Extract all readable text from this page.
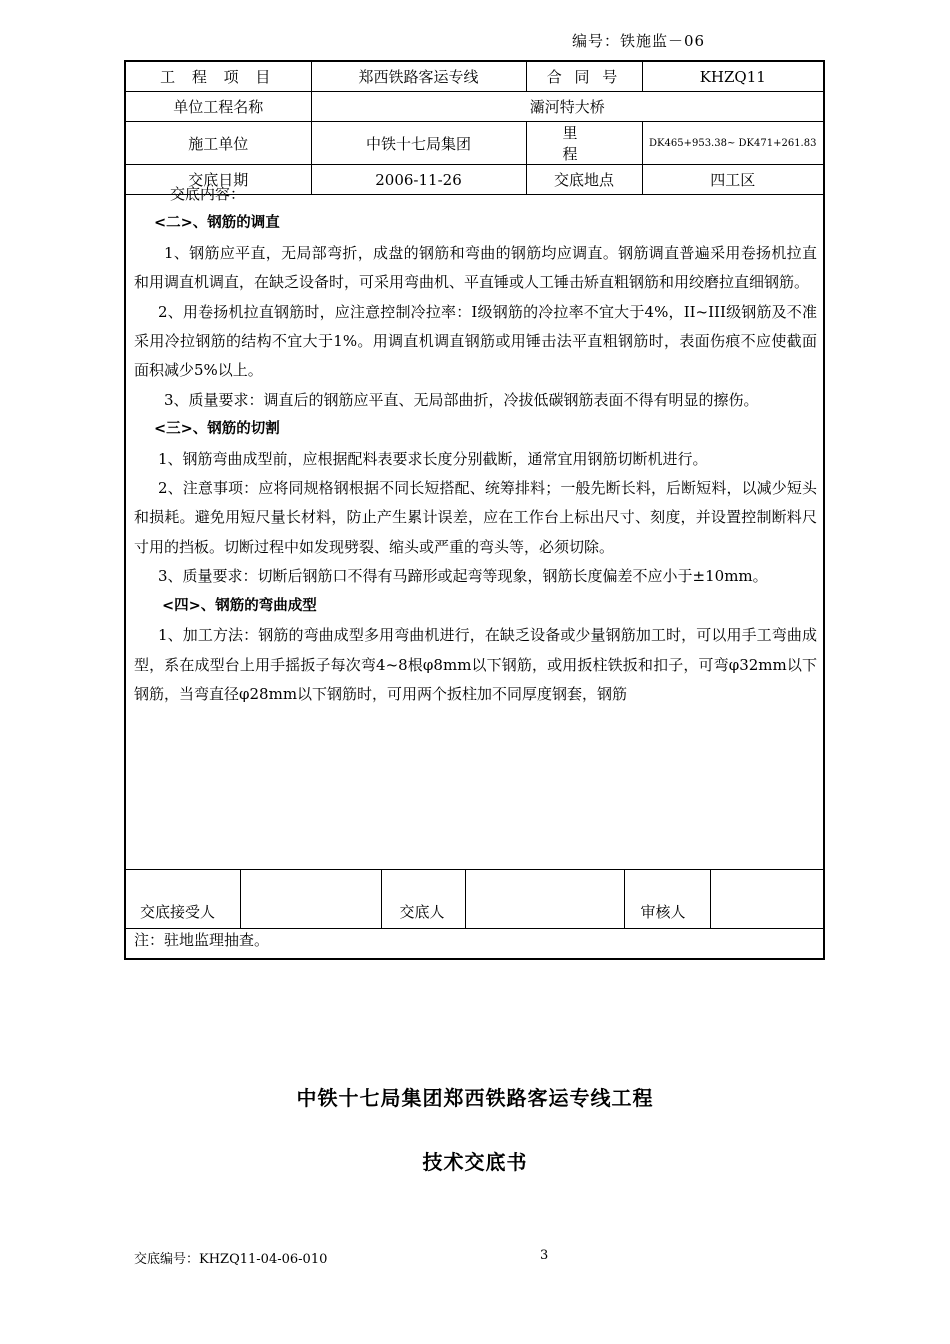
编号：铁施监－06
工 程 项 目	郑西铁路客运专线	合 同 号	KHZQ11
单位工程名称	灞河特大桥		
施工单位	中铁十七局集团	里 程	DK465+953.38~ DK471+261.83
交底日期	2006-11-26	交底地点	四工区

交底内容：

<二>、钢筋的调直

1、钢筋应平直，无局部弯折，成盘的钢筋和弯曲的钢筋均应调直。钢筋调直普遍采用卷扬机拉直和用调直机调直，在缺乏设备时，可采用弯曲机、平直锤或人工锤击矫直粗钢筋和用绞磨拉直细钢筋。

2、用卷扬机拉直钢筋时，应注意控制冷拉率：I级钢筋的冷拉率不宜大于4%，II~III级钢筋及不准采用冷拉钢筋的结构不宜大于1%。用调直机调直钢筋或用锤击法平直粗钢筋时，表面伤痕不应使截面面积减少5%以上。

3、质量要求：调直后的钢筋应平直、无局部曲折，冷拔低碳钢筋表面不得有明显的擦伤。

<三>、钢筋的切割

1、钢筋弯曲成型前，应根据配料表要求长度分别截断，通常宜用钢筋切断机进行。

2、注意事项：应将同规格钢根据不同长短搭配、统筹排料；一般先断长料，后断短料，以减少短头和损耗。避免用短尺量长材料，防止产生累计误差，应在工作台上标出尺寸、刻度，并设置控制断料尺寸用的挡板。切断过程中如发现劈裂、缩头或严重的弯头等，必须切除。

3、质量要求：切断后钢筋口不得有马蹄形或起弯等现象，钢筋长度偏差不应小于±10mm。

<四>、钢筋的弯曲成型

1、加工方法：钢筋的弯曲成型多用弯曲机进行，在缺乏设备或少量钢筋加工时，可以用手工弯曲成型，系在成型台上用手摇扳子每次弯4~8根φ8mm以下钢筋，或用扳柱铁扳和扣子，可弯φ32mm以下钢筋，当弯直径φ28mm以下钢筋时，可用两个扳柱加不同厚度钢套，钢筋

交底接受人		交底人		审核人	
注：驻地监理抽查。
中铁十七局集团郑西铁路客运专线工程
技术交底书
交底编号：KHZQ11-04-06-010	3
